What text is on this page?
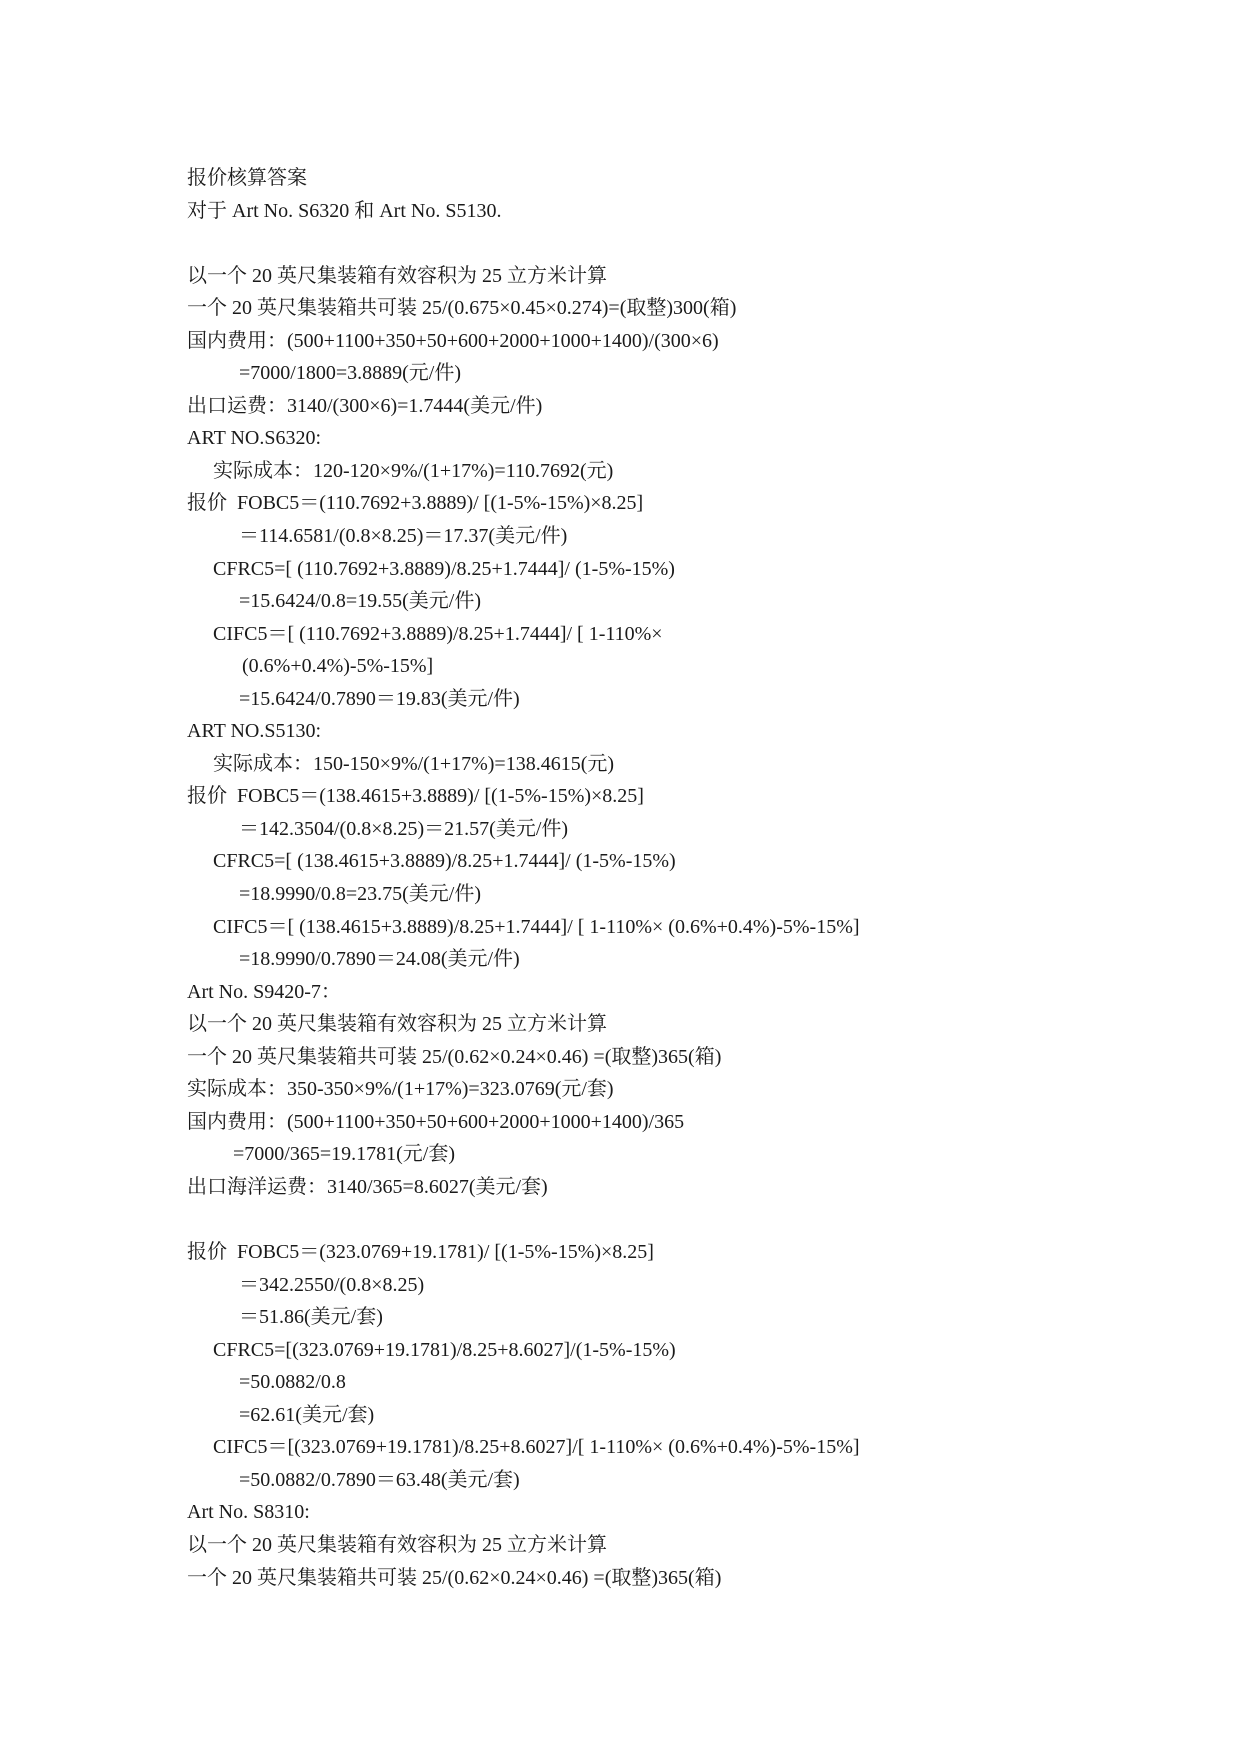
报价核算答案
对于 Art No. S6320 和 Art No. S5130.
以一个 20 英尺集装箱有效容积为 25 立方米计算
一个 20 英尺集装箱共可装 25/(0.675×0.45×0.274)=(取整)300(箱)
国内费用：(500+1100+350+50+600+2000+1000+1400)/(300×6)
=7000/1800=3.8889(元/件)
出口运费：3140/(300×6)=1.7444(美元/件)
ART NO.S6320:
实际成本：120-120×9%/(1+17%)=110.7692(元)
报价  FOBC5＝(110.7692+3.8889)/ [(1-5%-15%)×8.25]
＝114.6581/(0.8×8.25)＝17.37(美元/件)
CFRC5=[ (110.7692+3.8889)/8.25+1.7444]/ (1-5%-15%)
=15.6424/0.8=19.55(美元/件)
CIFC5＝[ (110.7692+3.8889)/8.25+1.7444]/ [ 1-110%×
(0.6%+0.4%)-5%-15%]
=15.6424/0.7890＝19.83(美元/件)
ART NO.S5130:
实际成本：150-150×9%/(1+17%)=138.4615(元)
报价  FOBC5＝(138.4615+3.8889)/ [(1-5%-15%)×8.25]
＝142.3504/(0.8×8.25)＝21.57(美元/件)
CFRC5=[ (138.4615+3.8889)/8.25+1.7444]/ (1-5%-15%)
=18.9990/0.8=23.75(美元/件)
CIFC5＝[ (138.4615+3.8889)/8.25+1.7444]/ [ 1-110%× (0.6%+0.4%)-5%-15%]
=18.9990/0.7890＝24.08(美元/件)
Art No. S9420-7：
以一个 20 英尺集装箱有效容积为 25 立方米计算
一个 20 英尺集装箱共可装 25/(0.62×0.24×0.46) =(取整)365(箱)
实际成本：350-350×9%/(1+17%)=323.0769(元/套)
国内费用：(500+1100+350+50+600+2000+1000+1400)/365
=7000/365=19.1781(元/套)
出口海洋运费：3140/365=8.6027(美元/套)
报价  FOBC5＝(323.0769+19.1781)/ [(1-5%-15%)×8.25]
＝342.2550/(0.8×8.25)
＝51.86(美元/套)
CFRC5=[(323.0769+19.1781)/8.25+8.6027]/(1-5%-15%)
=50.0882/0.8
=62.61(美元/套)
CIFC5＝[(323.0769+19.1781)/8.25+8.6027]/[ 1-110%× (0.6%+0.4%)-5%-15%]
=50.0882/0.7890＝63.48(美元/套)
Art No. S8310:
以一个 20 英尺集装箱有效容积为 25 立方米计算
一个 20 英尺集装箱共可装 25/(0.62×0.24×0.46) =(取整)365(箱)
